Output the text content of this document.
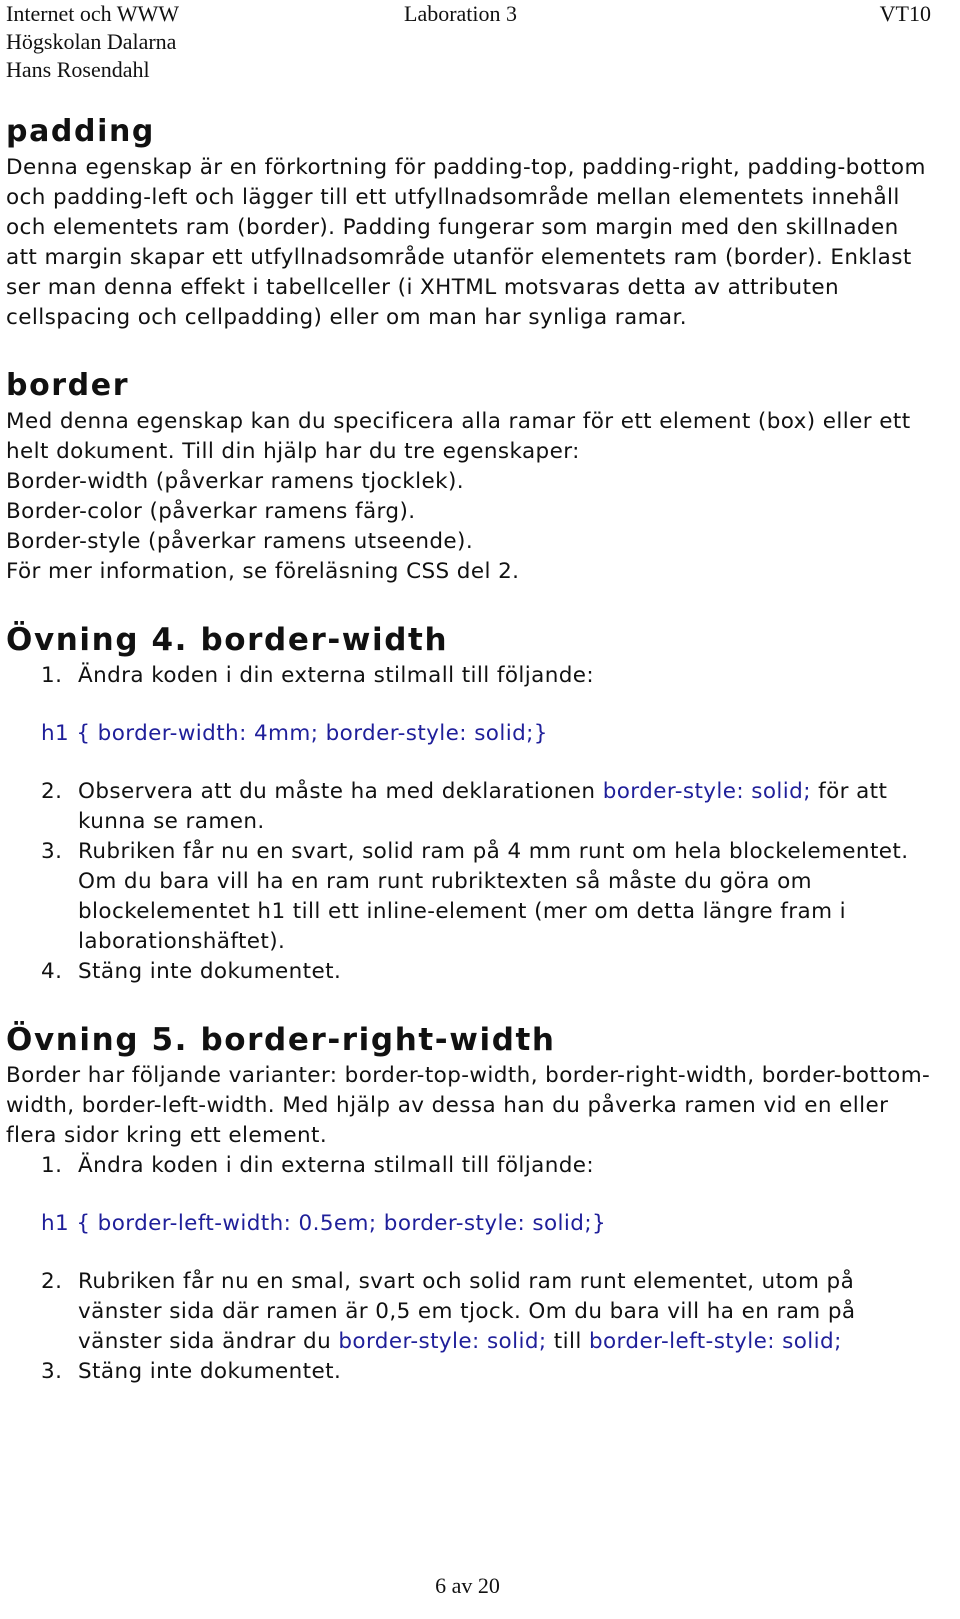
Internet och WWW	Laboration 3	VT10
Högskolan Dalarna
Hans Rosendahl
padding

Denna egenskap är en förkortning för padding-top, padding-right, padding-bottom och padding-left och lägger till ett utfyllnadsområde mellan elementets innehåll och elementets ram (border). Padding fungerar som margin med den skillnaden att margin skapar ett utfyllnadsområde utanför elementets ram (border). Enklast ser man denna effekt i tabellceller (i XHTML motsvaras detta av attributen cellspacing och cellpadding) eller om man har synliga ramar.

border

Med denna egenskap kan du specificera alla ramar för ett element (box) eller ett helt dokument. Till din hjälp har du tre egenskaper:

Border-width (påverkar ramens tjocklek).

Border-color (påverkar ramens färg).

Border-style (påverkar ramens utseende).

För mer information, se föreläsning CSS del 2.

Övning 4. border-width
1. Ändra koden i din externa stilmall till följande:

h1 { border-width: 4mm; border-style: solid;}

2. Observera att du måste ha med deklarationen border-style: solid; för att kunna se ramen.
3. Rubriken får nu en svart, solid ram på 4 mm runt om hela blockelementet. Om du bara vill ha en ram runt rubriktexten så måste du göra om blockelementet h1 till ett inline-element (mer om detta längre fram i laborationshäftet).
4. Stäng inte dokumentet.
Övning 5. border-right-width

Border har följande varianter: border-top-width, border-right-width, border-bottom-width, border-left-width. Med hjälp av dessa han du påverka ramen vid en eller flera sidor kring ett element.

1. Ändra koden i din externa stilmall till följande:

h1 { border-left-width: 0.5em; border-style: solid;}

2. Rubriken får nu en smal, svart och solid ram runt elementet, utom på vänster sida där ramen är 0,5 em tjock. Om du bara vill ha en ram på vänster sida ändrar du border-style: solid; till border-left-style: solid;
3. Stäng inte dokumentet.
6 av 20
